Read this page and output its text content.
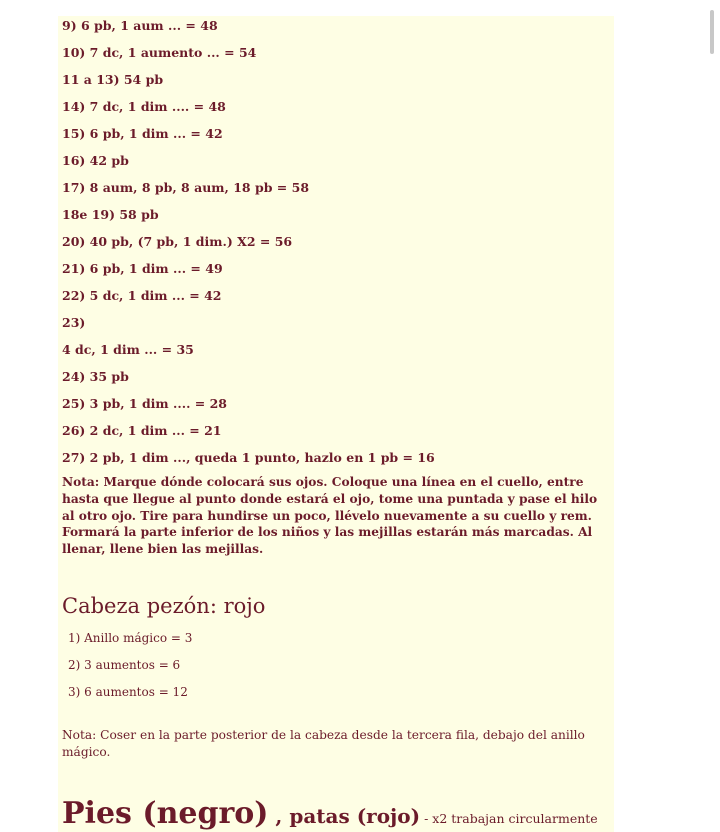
9) 6 pb, 1 aum ... = 48
10) 7 dc, 1 aumento ... = 54
11 a 13) 54 pb
14) 7 dc, 1 dim .... = 48
15) 6 pb, 1 dim ... = 42
16) 42 pb
17) 8 aum, 8 pb, 8 aum, 18 pb = 58
18e 19) 58 pb
20) 40 pb, (7 pb, 1 dim.) X2 = 56
21) 6 pb, 1 dim ... = 49
22) 5 dc, 1 dim ... = 42
23)
4 dc, 1 dim ... = 35
24) 35 pb
25) 3 pb, 1 dim .... = 28
26) 2 dc, 1 dim ... = 21
27) 2 pb, 1 dim ..., queda 1 punto, hazlo en 1 pb = 16
Nota: Marque dónde colocará sus ojos. Coloque una línea en el cuello, entre hasta que llegue al punto donde estará el ojo, tome una puntada y pase el hilo al otro ojo. Tire para hundirse un poco, llévelo nuevamente a su cuello y rem. Formará la parte inferior de los niños y las mejillas estarán más marcadas. Al llenar, llene bien las mejillas.
Cabeza pezón: rojo
1) Anillo mágico = 3
2) 3 aumentos = 6
3) 6 aumentos = 12
Nota: Coser en la parte posterior de la cabeza desde la tercera fila, debajo del anillo mágico.
Pies (negro) , patas (rojo) - x2 trabajan circularmente
